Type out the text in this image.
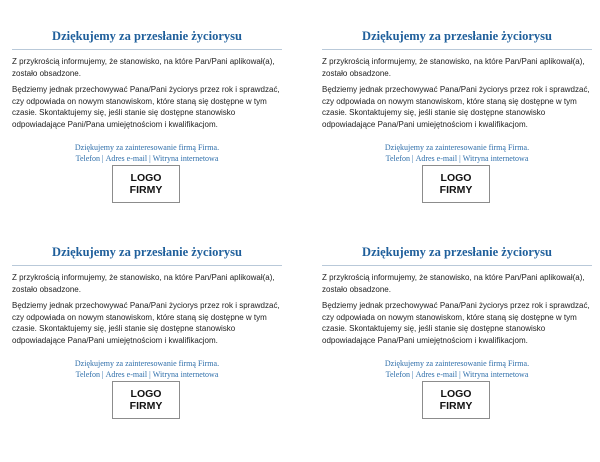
Dziękujemy za przesłanie życiorysu

Z przykrością informujemy, że stanowisko, na które Pan/Pani aplikował(a), zostało obsadzone.

Będziemy jednak przechowywać Pana/Pani życiorys przez rok i sprawdzać, czy odpowiada on nowym stanowiskom, które staną się dostępne w tym czasie. Skontaktujemy się, jeśli stanie się dostępne stanowisko odpowiadające Pani/Pana umiejętnościom i kwalifikacjom.

Dziękujemy za zainteresowanie firmą Firma.
Telefon | Adres e-mail | Witryna internetowa
LOGO
FIRMY
Dziękujemy za przesłanie życiorysu

Z przykrością informujemy, że stanowisko, na które Pan/Pani aplikował(a), zostało obsadzone.

Będziemy jednak przechowywać Pana/Pani życiorys przez rok i sprawdzać, czy odpowiada on nowym stanowiskom, które staną się dostępne w tym czasie. Skontaktujemy się, jeśli stanie się dostępne stanowisko odpowiadające Pana/Pani umiejętnościom i kwalifikacjom.

Dziękujemy za zainteresowanie firmą Firma.
Telefon | Adres e-mail | Witryna internetowa
LOGO
FIRMY
Dziękujemy za przesłanie życiorysu

Z przykrością informujemy, że stanowisko, na które Pan/Pani aplikował(a), zostało obsadzone.

Będziemy jednak przechowywać Pana/Pani życiorys przez rok i sprawdzać, czy odpowiada on nowym stanowiskom, które staną się dostępne w tym czasie. Skontaktujemy się, jeśli stanie się dostępne stanowisko odpowiadające Pana/Pani umiejętnościom i kwalifikacjom.

Dziękujemy za zainteresowanie firmą Firma.
Telefon | Adres e-mail | Witryna internetowa
LOGO
FIRMY
Dziękujemy za przesłanie życiorysu

Z przykrością informujemy, że stanowisko, na które Pan/Pani aplikował(a), zostało obsadzone.

Będziemy jednak przechowywać Pana/Pani życiorys przez rok i sprawdzać, czy odpowiada on nowym stanowiskom, które staną się dostępne w tym czasie. Skontaktujemy się, jeśli stanie się dostępne stanowisko odpowiadające Pana/Pani umiejętnościom i kwalifikacjom.

Dziękujemy za zainteresowanie firmą Firma.
Telefon | Adres e-mail | Witryna internetowa
LOGO
FIRMY
